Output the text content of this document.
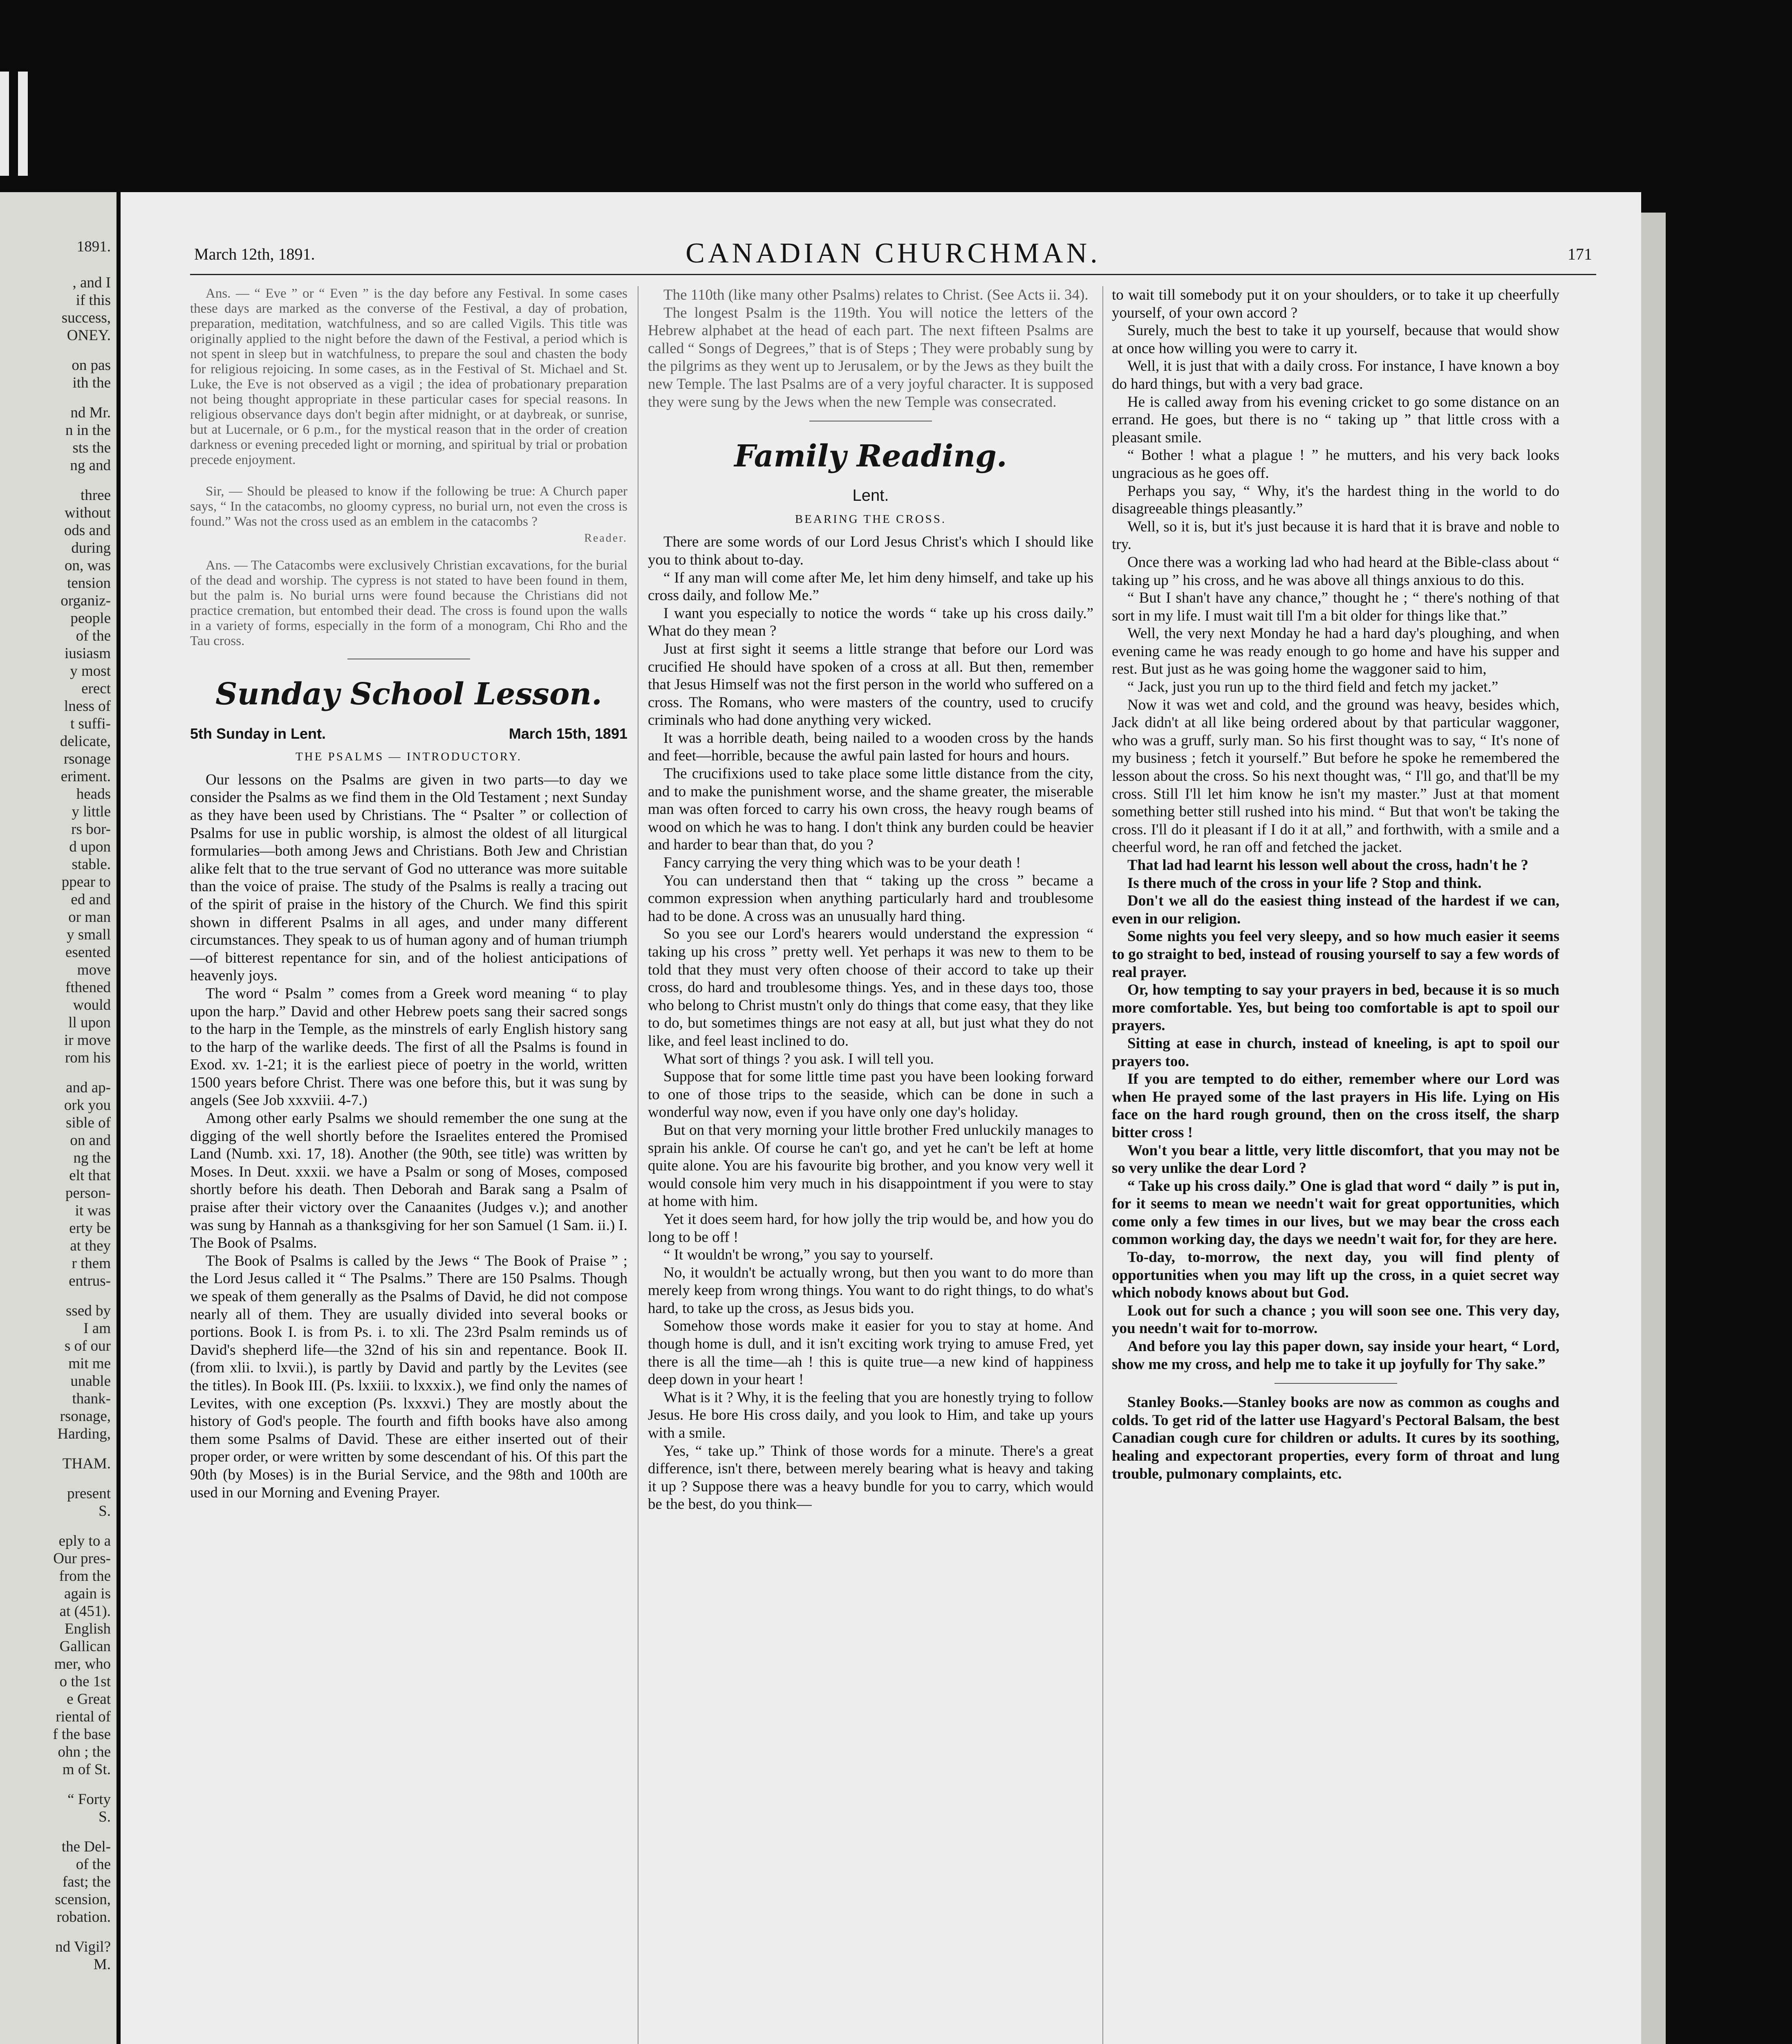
1891.
, and I
if this
success,
ONEY.
on pas
ith the
nd Mr.
n in the
sts the
ng and
three
without
ods and
during
on, was
tension
organiz-
people
of the
iusiasm
y most
erect
lness of
t suffi-
delicate,
rsonage
eriment.
heads
y little
rs bor-
d upon
stable.
ppear to
ed and
or man
y small
esented
move
fthened
would
ll upon
ir move
rom his
and ap-
ork you
sible of
on and
ng the
elt that
person-
it was
erty be
at they
r them
entrus-
ssed by
I am
s of our
mit me
unable
thank-
rsonage,
Harding,
THAM.
present
S.
eply to a
Our pres-
from the
again is
at (451).
English
Gallican
mer, who
o the 1st
e Great
riental of
f the base
ohn ; the
m of St.
“ Forty
S.
the Del-
of the
fast; the
scension,
robation.
nd Vigil?
M.
March 12th, 1891.	CANADIAN CHURCHMAN.	171

Ans. — “ Eve ” or “ Even ” is the day before any Festival. In some cases these days are marked as the converse of the Festival, a day of probation, preparation, meditation, watchfulness, and so are called Vigils. This title was originally applied to the night before the dawn of the Festival, a period which is not spent in sleep but in watchfulness, to prepare the soul and chasten the body for religious rejoicing. In some cases, as in the Festival of St. Michael and St. Luke, the Eve is not observed as a vigil ; the idea of probationary preparation not being thought appropriate in these particular cases for special reasons. In religious observance days don't begin after midnight, or at daybreak, or sunrise, but at Lucernale, or 6 p.m., for the mystical reason that in the order of creation darkness or evening preceded light or morning, and spiritual by trial or probation precede enjoyment.

Sir, — Should be pleased to know if the following be true: A Church paper says, “ In the catacombs, no gloomy cypress, no burial urn, not even the cross is found.” Was not the cross used as an emblem in the catacombs ?

Reader.

Ans. — The Catacombs were exclusively Christian excavations, for the burial of the dead and worship. The cypress is not stated to have been found in them, but the palm is. No burial urns were found because the Christians did not practice cremation, but entombed their dead. The cross is found upon the walls in a variety of forms, especially in the form of a monogram, Chi Rho and the Tau cross.

Sunday School Lesson.
5th Sunday in Lent.	March 15th, 1891
THE PSALMS — INTRODUCTORY.

Our lessons on the Psalms are given in two parts—to day we consider the Psalms as we find them in the Old Testament ; next Sunday as they have been used by Christians. The “ Psalter ” or collection of Psalms for use in public worship, is almost the oldest of all liturgical formularies—both among Jews and Christians. Both Jew and Christian alike felt that to the true servant of God no utterance was more suitable than the voice of praise. The study of the Psalms is really a tracing out of the spirit of praise in the history of the Church. We find this spirit shown in different Psalms in all ages, and under many different circumstances. They speak to us of human agony and of human triumph—of bitterest repentance for sin, and of the holiest anticipations of heavenly joys.

The word “ Psalm ” comes from a Greek word meaning “ to play upon the harp.” David and other Hebrew poets sang their sacred songs to the harp in the Temple, as the minstrels of early English history sang to the harp of the warlike deeds. The first of all the Psalms is found in Exod. xv. 1-21; it is the earliest piece of poetry in the world, written 1500 years before Christ. There was one before this, but it was sung by angels (See Job xxxviii. 4-7.)

Among other early Psalms we should remember the one sung at the digging of the well shortly before the Israelites entered the Promised Land (Numb. xxi. 17, 18). Another (the 90th, see title) was written by Moses. In Deut. xxxii. we have a Psalm or song of Moses, composed shortly before his death. Then Deborah and Barak sang a Psalm of praise after their victory over the Canaanites (Judges v.); and another was sung by Hannah as a thanksgiving for her son Samuel (1 Sam. ii.) I. The Book of Psalms.

The Book of Psalms is called by the Jews “ The Book of Praise ” ; the Lord Jesus called it “ The Psalms.” There are 150 Psalms. Though we speak of them generally as the Psalms of David, he did not compose nearly all of them. They are usually divided into several books or portions. Book I. is from Ps. i. to xli. The 23rd Psalm reminds us of David's shepherd life—the 32nd of his sin and repentance. Book II. (from xlii. to lxvii.), is partly by David and partly by the Levites (see the titles). In Book III. (Ps. lxxiii. to lxxxix.), we find only the names of Levites, with one exception (Ps. lxxxvi.) They are mostly about the history of God's people. The fourth and fifth books have also among them some Psalms of David. These are either inserted out of their proper order, or were written by some descendant of his. Of this part the 90th (by Moses) is in the Burial Service, and the 98th and 100th are used in our Morning and Evening Prayer.

The 110th (like many other Psalms) relates to Christ. (See Acts ii. 34).

The longest Psalm is the 119th. You will notice the letters of the Hebrew alphabet at the head of each part. The next fifteen Psalms are called “ Songs of Degrees,” that is of Steps ; They were probably sung by the pilgrims as they went up to Jerusalem, or by the Jews as they built the new Temple. The last Psalms are of a very joyful character. It is supposed they were sung by the Jews when the new Temple was consecrated.

Family Reading.
Lent.
BEARING THE CROSS.

There are some words of our Lord Jesus Christ's which I should like you to think about to-day.

“ If any man will come after Me, let him deny himself, and take up his cross daily, and follow Me.”

I want you especially to notice the words “ take up his cross daily.” What do they mean ?

Just at first sight it seems a little strange that before our Lord was crucified He should have spoken of a cross at all. But then, remember that Jesus Himself was not the first person in the world who suffered on a cross. The Romans, who were masters of the country, used to crucify criminals who had done anything very wicked.

It was a horrible death, being nailed to a wooden cross by the hands and feet—horrible, because the awful pain lasted for hours and hours.

The crucifixions used to take place some little distance from the city, and to make the punishment worse, and the shame greater, the miserable man was often forced to carry his own cross, the heavy rough beams of wood on which he was to hang. I don't think any burden could be heavier and harder to bear than that, do you ?

Fancy carrying the very thing which was to be your death !

You can understand then that “ taking up the cross ” became a common expression when anything particularly hard and troublesome had to be done. A cross was an unusually hard thing.

So you see our Lord's hearers would understand the expression “ taking up his cross ” pretty well. Yet perhaps it was new to them to be told that they must very often choose of their accord to take up their cross, do hard and troublesome things. Yes, and in these days too, those who belong to Christ mustn't only do things that come easy, that they like to do, but sometimes things are not easy at all, but just what they do not like, and feel least inclined to do.

What sort of things ? you ask. I will tell you.

Suppose that for some little time past you have been looking forward to one of those trips to the seaside, which can be done in such a wonderful way now, even if you have only one day's holiday.

But on that very morning your little brother Fred unluckily manages to sprain his ankle. Of course he can't go, and yet he can't be left at home quite alone. You are his favourite big brother, and you know very well it would console him very much in his disappointment if you were to stay at home with him.

Yet it does seem hard, for how jolly the trip would be, and how you do long to be off !

“ It wouldn't be wrong,” you say to yourself.

No, it wouldn't be actually wrong, but then you want to do more than merely keep from wrong things. You want to do right things, to do what's hard, to take up the cross, as Jesus bids you.

Somehow those words make it easier for you to stay at home. And though home is dull, and it isn't exciting work trying to amuse Fred, yet there is all the time—ah ! this is quite true—a new kind of happiness deep down in your heart !

What is it ? Why, it is the feeling that you are honestly trying to follow Jesus. He bore His cross daily, and you look to Him, and take up yours with a smile.

Yes, “ take up.” Think of those words for a minute. There's a great difference, isn't there, between merely bearing what is heavy and taking it up ? Suppose there was a heavy bundle for you to carry, which would be the best, do you think—

to wait till somebody put it on your shoulders, or to take it up cheerfully yourself, of your own accord ?

Surely, much the best to take it up yourself, because that would show at once how willing you were to carry it.

Well, it is just that with a daily cross. For instance, I have known a boy do hard things, but with a very bad grace.

He is called away from his evening cricket to go some distance on an errand. He goes, but there is no “ taking up ” that little cross with a pleasant smile.

“ Bother ! what a plague ! ” he mutters, and his very back looks ungracious as he goes off.

Perhaps you say, “ Why, it's the hardest thing in the world to do disagreeable things pleasantly.”

Well, so it is, but it's just because it is hard that it is brave and noble to try.

Once there was a working lad who had heard at the Bible-class about “ taking up ” his cross, and he was above all things anxious to do this.

“ But I shan't have any chance,” thought he ; “ there's nothing of that sort in my life. I must wait till I'm a bit older for things like that.”

Well, the very next Monday he had a hard day's ploughing, and when evening came he was ready enough to go home and have his supper and rest. But just as he was going home the waggoner said to him,

“ Jack, just you run up to the third field and fetch my jacket.”

Now it was wet and cold, and the ground was heavy, besides which, Jack didn't at all like being ordered about by that particular waggoner, who was a gruff, surly man. So his first thought was to say, “ It's none of my business ; fetch it yourself.” But before he spoke he remembered the lesson about the cross. So his next thought was, “ I'll go, and that'll be my cross. Still I'll let him know he isn't my master.” Just at that moment something better still rushed into his mind. “ But that won't be taking the cross. I'll do it pleasant if I do it at all,” and forthwith, with a smile and a cheerful word, he ran off and fetched the jacket.

That lad had learnt his lesson well about the cross, hadn't he ?

Is there much of the cross in your life ? Stop and think.

Don't we all do the easiest thing instead of the hardest if we can, even in our religion.

Some nights you feel very sleepy, and so how much easier it seems to go straight to bed, instead of rousing yourself to say a few words of real prayer.

Or, how tempting to say your prayers in bed, because it is so much more comfortable. Yes, but being too comfortable is apt to spoil our prayers.

Sitting at ease in church, instead of kneeling, is apt to spoil our prayers too.

If you are tempted to do either, remember where our Lord was when He prayed some of the last prayers in His life. Lying on His face on the hard rough ground, then on the cross itself, the sharp bitter cross !

Won't you bear a little, very little discomfort, that you may not be so very unlike the dear Lord ?

“ Take up his cross daily.” One is glad that word “ daily ” is put in, for it seems to mean we needn't wait for great opportunities, which come only a few times in our lives, but we may bear the cross each common working day, the days we needn't wait for, for they are here.

To-day, to-morrow, the next day, you will find plenty of opportunities when you may lift up the cross, in a quiet secret way which nobody knows about but God.

Look out for such a chance ; you will soon see one. This very day, you needn't wait for to-morrow.

And before you lay this paper down, say inside your heart, “ Lord, show me my cross, and help me to take it up joyfully for Thy sake.”

Stanley Books.—Stanley books are now as common as coughs and colds. To get rid of the latter use Hagyard's Pectoral Balsam, the best Canadian cough cure for children or adults. It cures by its soothing, healing and expectorant properties, every form of throat and lung trouble, pulmonary complaints, etc.
